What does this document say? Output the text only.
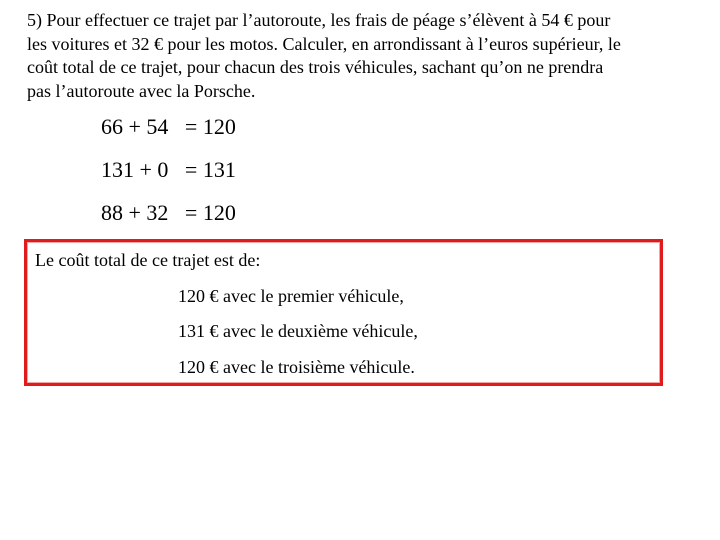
5) Pour effectuer ce trajet par l’autoroute, les frais de péage s’élèvent à 54 € pour
les voitures et 32 € pour les motos. Calculer, en arrondissant à l’euros supérieur, le
coût total de ce trajet, pour chacun des trois véhicules, sachant qu’on ne prendra
pas l’autoroute avec la Porsche.

66 + 54   = 120

131 + 0   = 131

88 + 32   = 120

Le coût total de ce trajet est de:

120 € avec le premier véhicule,

131 € avec le deuxième véhicule,

120 € avec le troisième véhicule.
